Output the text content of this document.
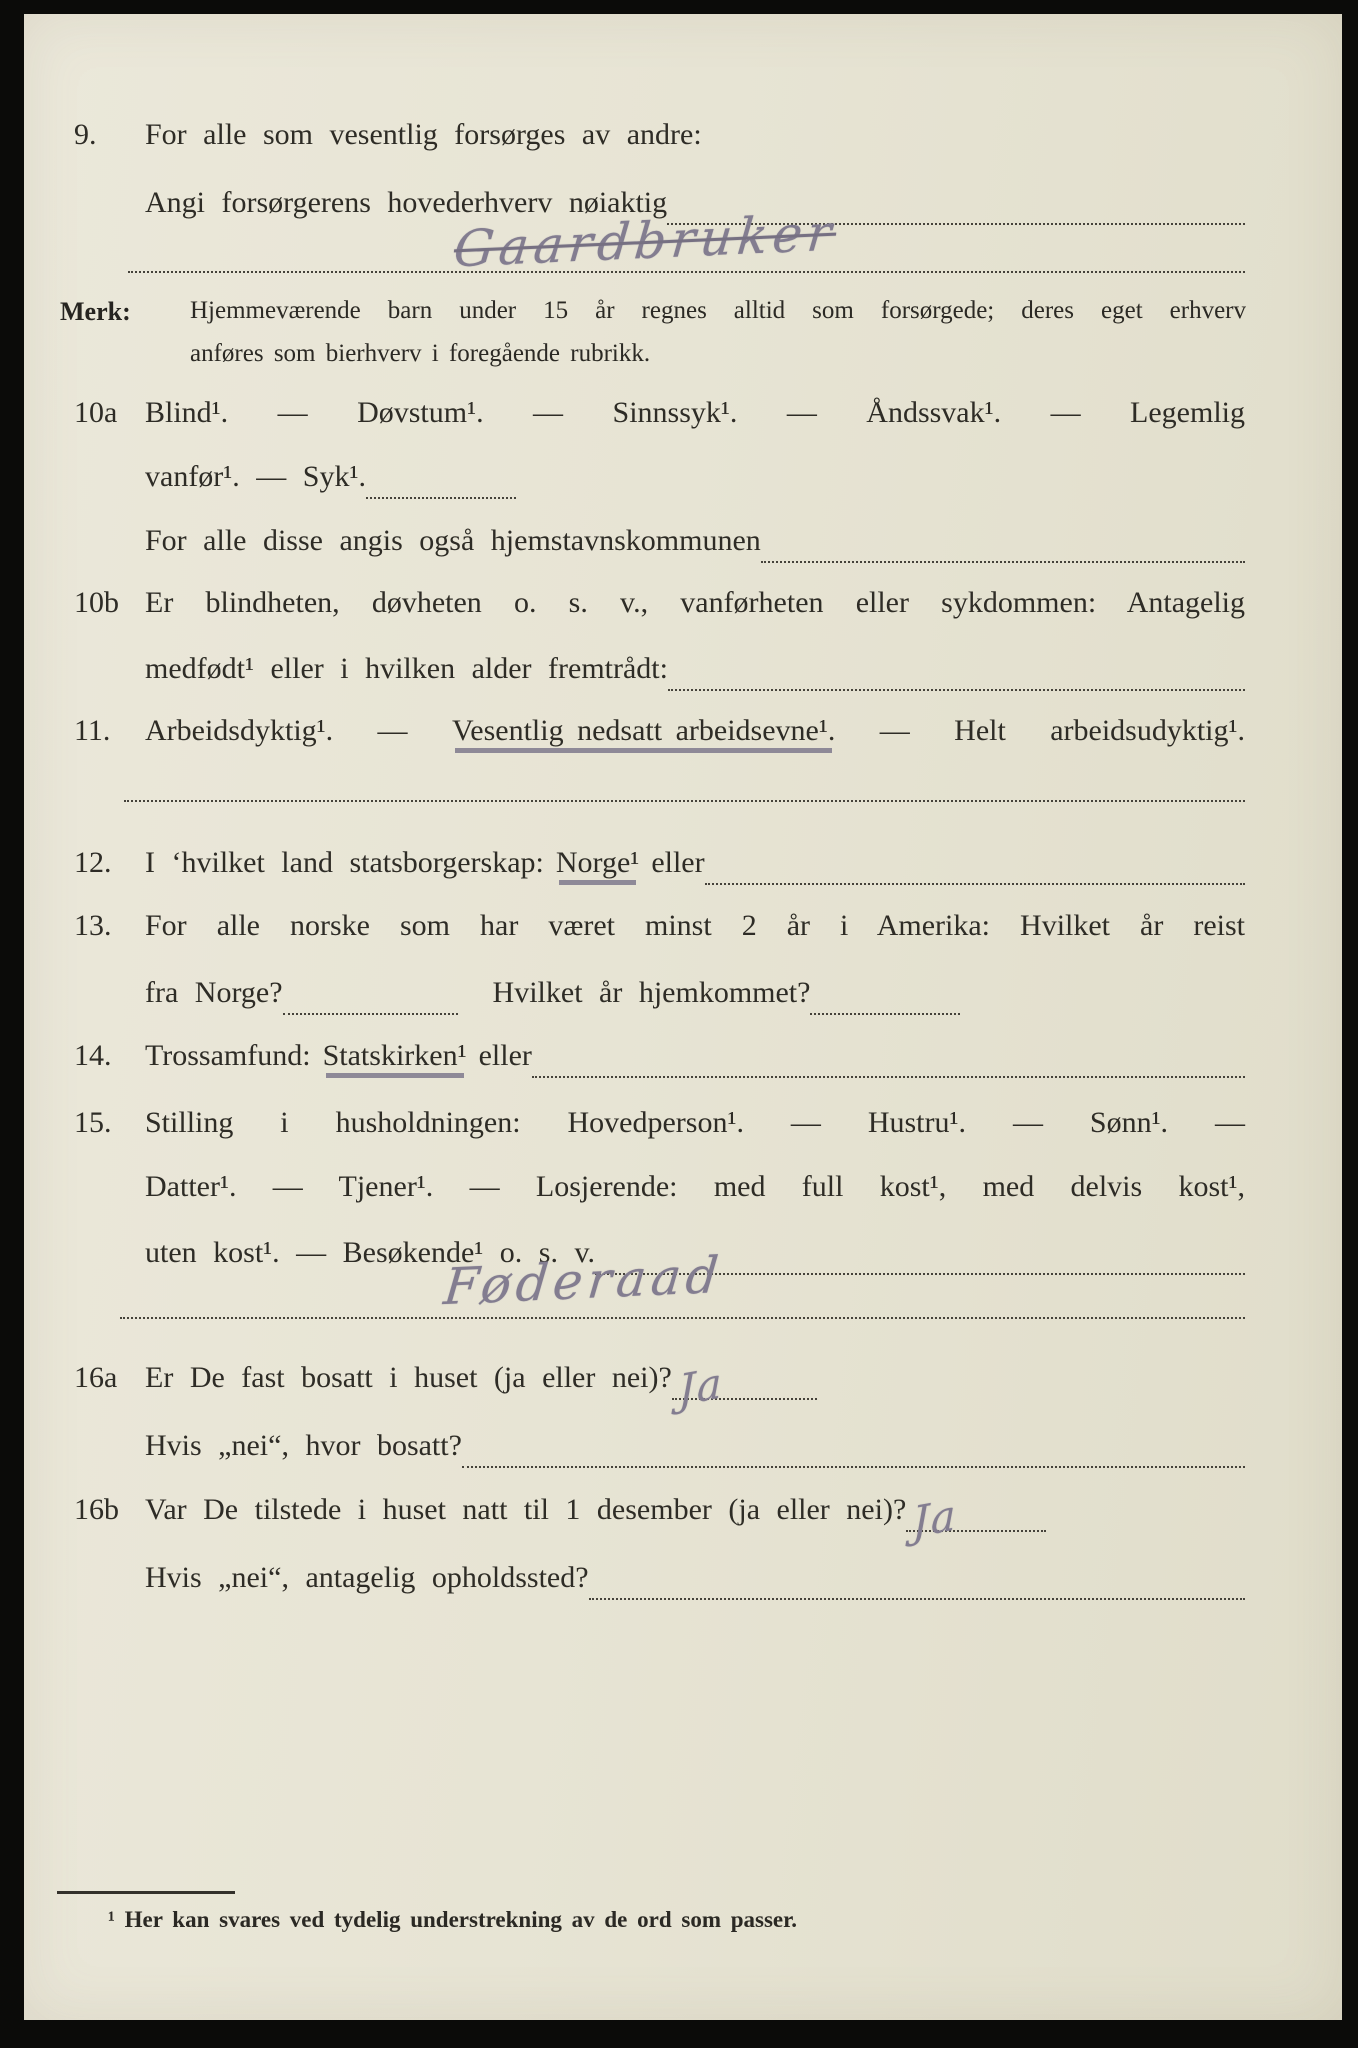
9.	For alle som vesentlig forsørges av andre:
Angi forsørgerens hovederhverv nøiaktig
Gaardbruker
Merk: Hjemmeværende barn under 15 år regnes alltid som forsørgede; deres eget erhverv
anføres som bierhverv i foregående rubrikk.
10a Blind¹. — Døvstum¹. — Sinnssyk¹. — Åndssvak¹. — Legemlig
vanfør¹. — Syk¹.
For alle disse angis også hjemstavnskommunen
10b Er blindheten, døvheten o. s. v., vanførheten eller sykdommen: Antagelig
medfødt¹ eller i hvilken alder fremtrådt:
11.	Arbeidsdyktig¹. — Vesentlig nedsatt arbeidsevne¹. — Helt arbeidsudyktig¹.
12.	I ‘hvilket land statsborgerskap: Norge¹ eller
13.	For alle norske som har været minst 2 år i Amerika: Hvilket år reist
fra Norge?	Hvilket år hjemkommet?
14.	Trossamfund: Statskirken¹ eller
15.	Stilling i husholdningen: Hovedperson¹. — Hustru¹. — Sønn¹. —
Datter¹. — Tjener¹. — Losjerende: med full kost¹, med delvis kost¹,
uten kost¹. — Besøkende¹ o. s. v.
Føderaad
16a Er De fast bosatt i huset (ja eller nei)? Ja
Hvis „nei“, hvor bosatt?
16b Var De tilstede i huset natt til 1 desember (ja eller nei)? Ja
Hvis „nei“, antagelig opholdssted?
¹ Her kan svares ved tydelig understrekning av de ord som passer.
